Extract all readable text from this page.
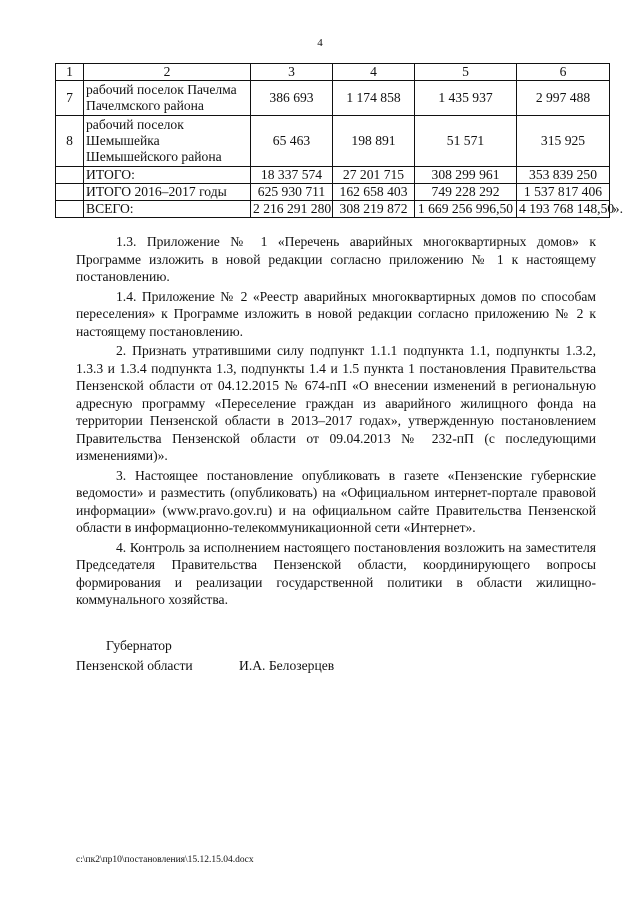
4
1	2	3	4	5	6
7	рабочий поселок Пачелма Пачелмского района	386 693	1 174 858	1 435 937	2 997 488
8	рабочий поселок Шемышейка Шемышейского района	65 463	198 891	51 571	315 925
	ИТОГО:	18 337 574	27 201 715	308 299 961	353 839 250
	ИТОГО 2016–2017 годы	625 930 711	162 658 403	749 228 292	1 537 817 406
	ВСЕГО:	2 216 291 280	308 219 872	1 669 256 996,50	4 193 768 148,50
».

1.3. Приложение № 1 «Перечень аварийных многоквартирных домов» к Программе изложить в новой редакции согласно приложению № 1 к настоящему постановлению.

1.4. Приложение № 2 «Реестр аварийных многоквартирных домов по способам переселения» к Программе изложить в новой редакции согласно приложению № 2 к настоящему постановлению.

2. Признать утратившими силу подпункт 1.1.1 подпункта 1.1, подпункты 1.3.2, 1.3.3 и 1.3.4 подпункта 1.3, подпункты 1.4 и 1.5 пункта 1 постановления Правительства Пензенской области от 04.12.2015 № 674-пП «О внесении изменений в региональную адресную программу «Переселение граждан из аварийного жилищного фонда на территории Пензенской области в 2013–2017 годах», утвержденную постановлением Правительства Пензенской области от 09.04.2013 № 232-пП (с последующими изменениями)».

3. Настоящее постановление опубликовать в газете «Пензенские губернские ведомости» и разместить (опубликовать) на «Официальном интернет-портале правовой информации» (www.pravo.gov.ru) и на официальном сайте Правительства Пензенской области в информационно-телекоммуникационной сети «Интернет».

4. Контроль за исполнением настоящего постановления возложить на заместителя Председателя Правительства Пензенской области, координирующего вопросы формирования и реализации государственной политики в области жилищно-коммунального хозяйства.

Губернатор
Пензенской области	И.А. Белозерцев
c:\пк2\пр10\постановления\15.12.15.04.docx
